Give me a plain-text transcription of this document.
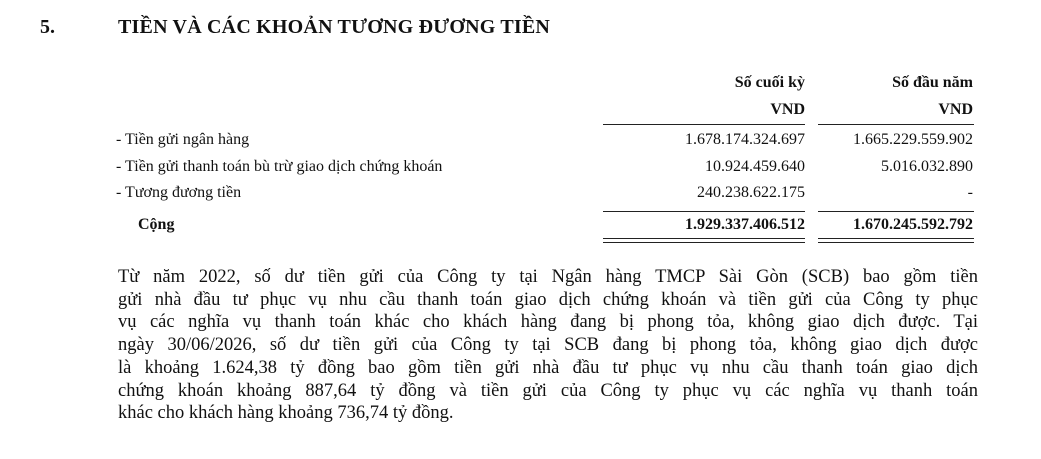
5.	TIỀN VÀ CÁC KHOẢN TƯƠNG ĐƯƠNG TIỀN
Số cuối kỳ	Số đầu năm
VND	VND
- Tiền gửi ngân hàng	1.678.174.324.697	1.665.229.559.902
- Tiền gửi thanh toán bù trừ giao dịch chứng khoán	10.924.459.640	5.016.032.890
- Tương đương tiền	240.238.622.175	-
Cộng	1.929.337.406.512	1.670.245.592.792
Từ năm 2022, số dư tiền gửi của Công ty tại Ngân hàng TMCP Sài Gòn (SCB) bao gồm tiền
gửi nhà đầu tư phục vụ nhu cầu thanh toán giao dịch chứng khoán và tiền gửi của Công ty phục
vụ các nghĩa vụ thanh toán khác cho khách hàng đang bị phong tỏa, không giao dịch được. Tại
ngày 30/06/2026, số dư tiền gửi của Công ty tại SCB đang bị phong tỏa, không giao dịch được
là khoảng 1.624,38 tỷ đồng bao gồm tiền gửi nhà đầu tư phục vụ nhu cầu thanh toán giao dịch
chứng khoán khoảng 887,64 tỷ đồng và tiền gửi của Công ty phục vụ các nghĩa vụ thanh toán
khác cho khách hàng khoảng 736,74 tỷ đồng.
